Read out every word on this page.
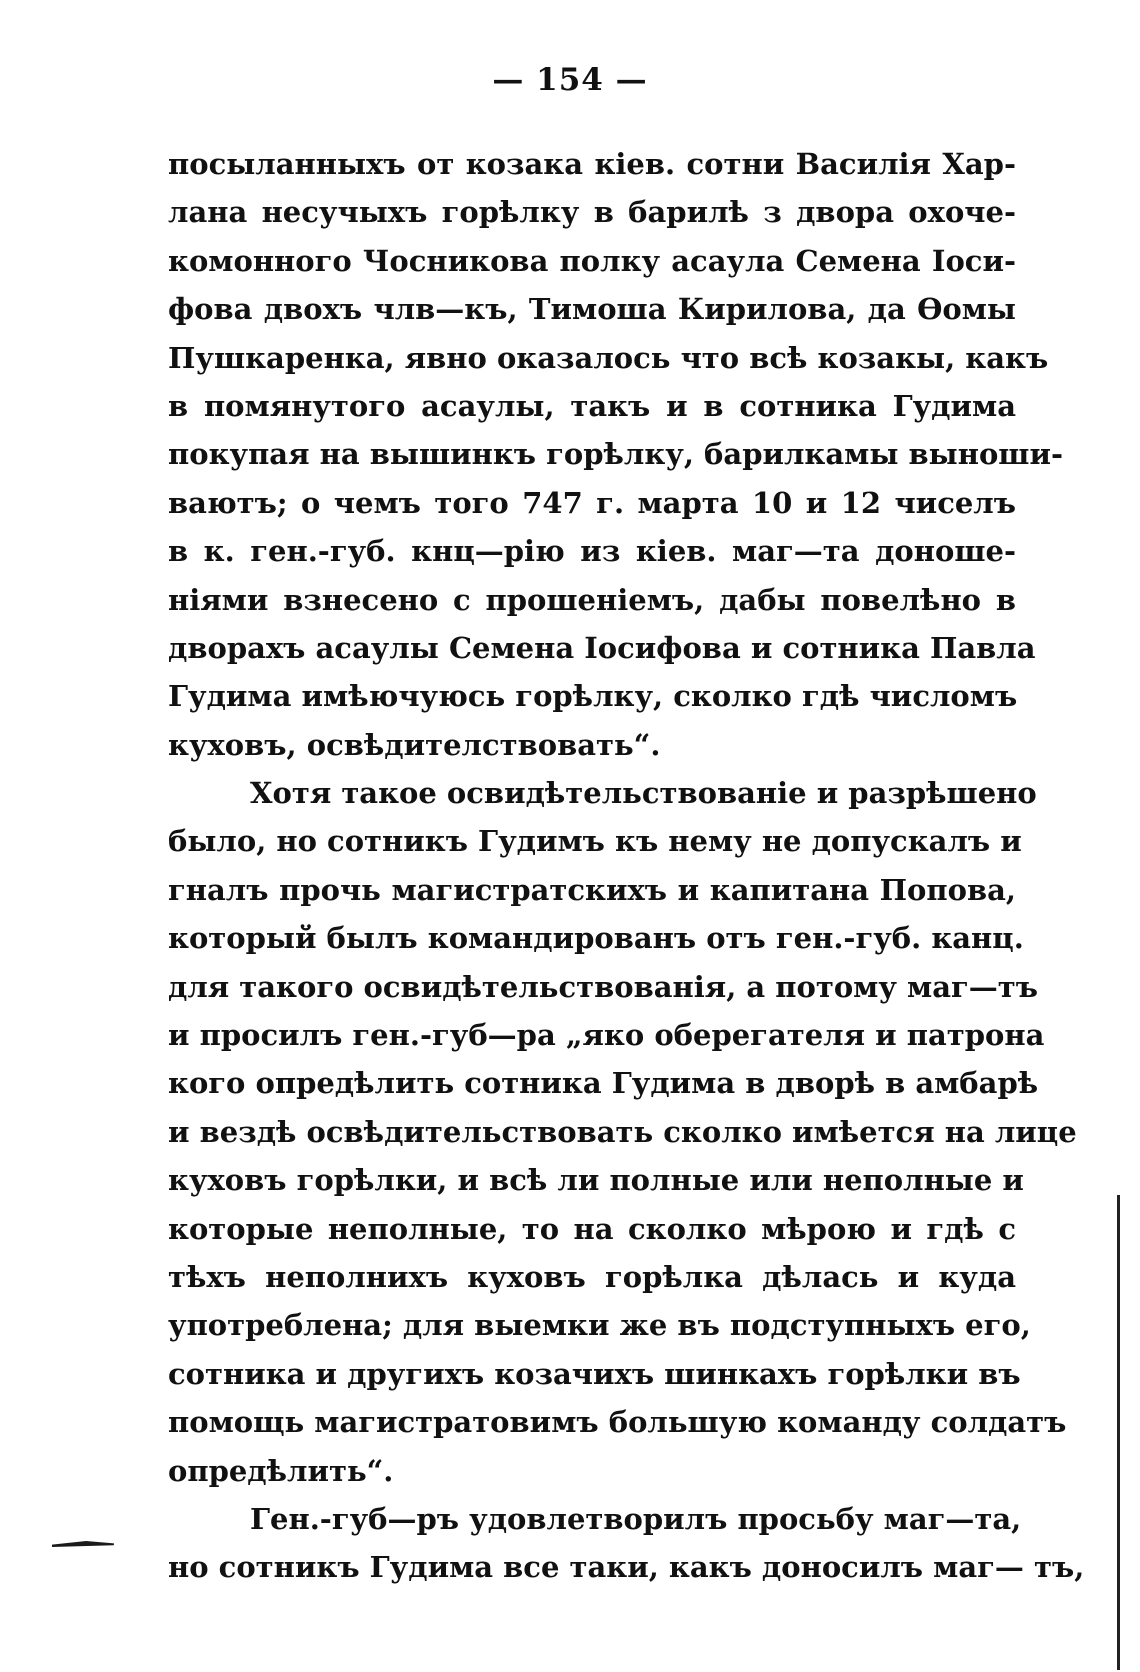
— 154 —
посыланныхъ от козака кіев. сотни Василія Хар-
лана несучыхъ горѣлку в барилѣ з двора охоче-
комонного Чосникова полку асаула Семена Іоси-
фова двохъ члв—къ, Тимоша Кирилова, да Ѳомы
Пушкаренка, явно оказалось что всѣ козакы, какъ
в помянутого асаулы, такъ и в сотника Гудима
покупая на вышинкъ горѣлку, барилкамы выноши-
ваютъ; о чемъ того 747 г. марта 10 и 12 чиселъ
в к. ген.-губ. кнц—рію из кіев. маг—та доноше-
ніями взнесено с прошеніемъ, дабы повелѣно в
дворахъ асаулы Семена Іосифова и сотника Павла
Гудима имѣючуюсь горѣлку, сколко гдѣ числомъ
куховъ, освѣдителствовать“.
Хотя такое освидѣтельствованіе и разрѣшено
было, но сотникъ Гудимъ къ нему не допускалъ и
гналъ прочь магистратскихъ и капитана Попова,
который былъ командированъ отъ ген.-губ. канц.
для такого освидѣтельствованія, а потому маг—тъ
и просилъ ген.-губ—ра „яко оберегателя и патрона
кого опредѣлить сотника Гудима в дворѣ в амбарѣ
и вездѣ освѣдительствовать сколко имѣется на лице
куховъ горѣлки, и всѣ ли полные или неполные и
которые неполные, то на сколко мѣрою и гдѣ с
тѣхъ неполнихъ куховъ горѣлка дѣлась и куда
употреблена; для выемки же въ подступныхъ его,
сотника и другихъ козачихъ шинкахъ горѣлки въ
помощь магистратовимъ большую команду солдатъ
опредѣлить“.
Ген.-губ—ръ удовлетворилъ просьбу маг—та,
но сотникъ Гудима все таки, какъ доносилъ маг— тъ,
